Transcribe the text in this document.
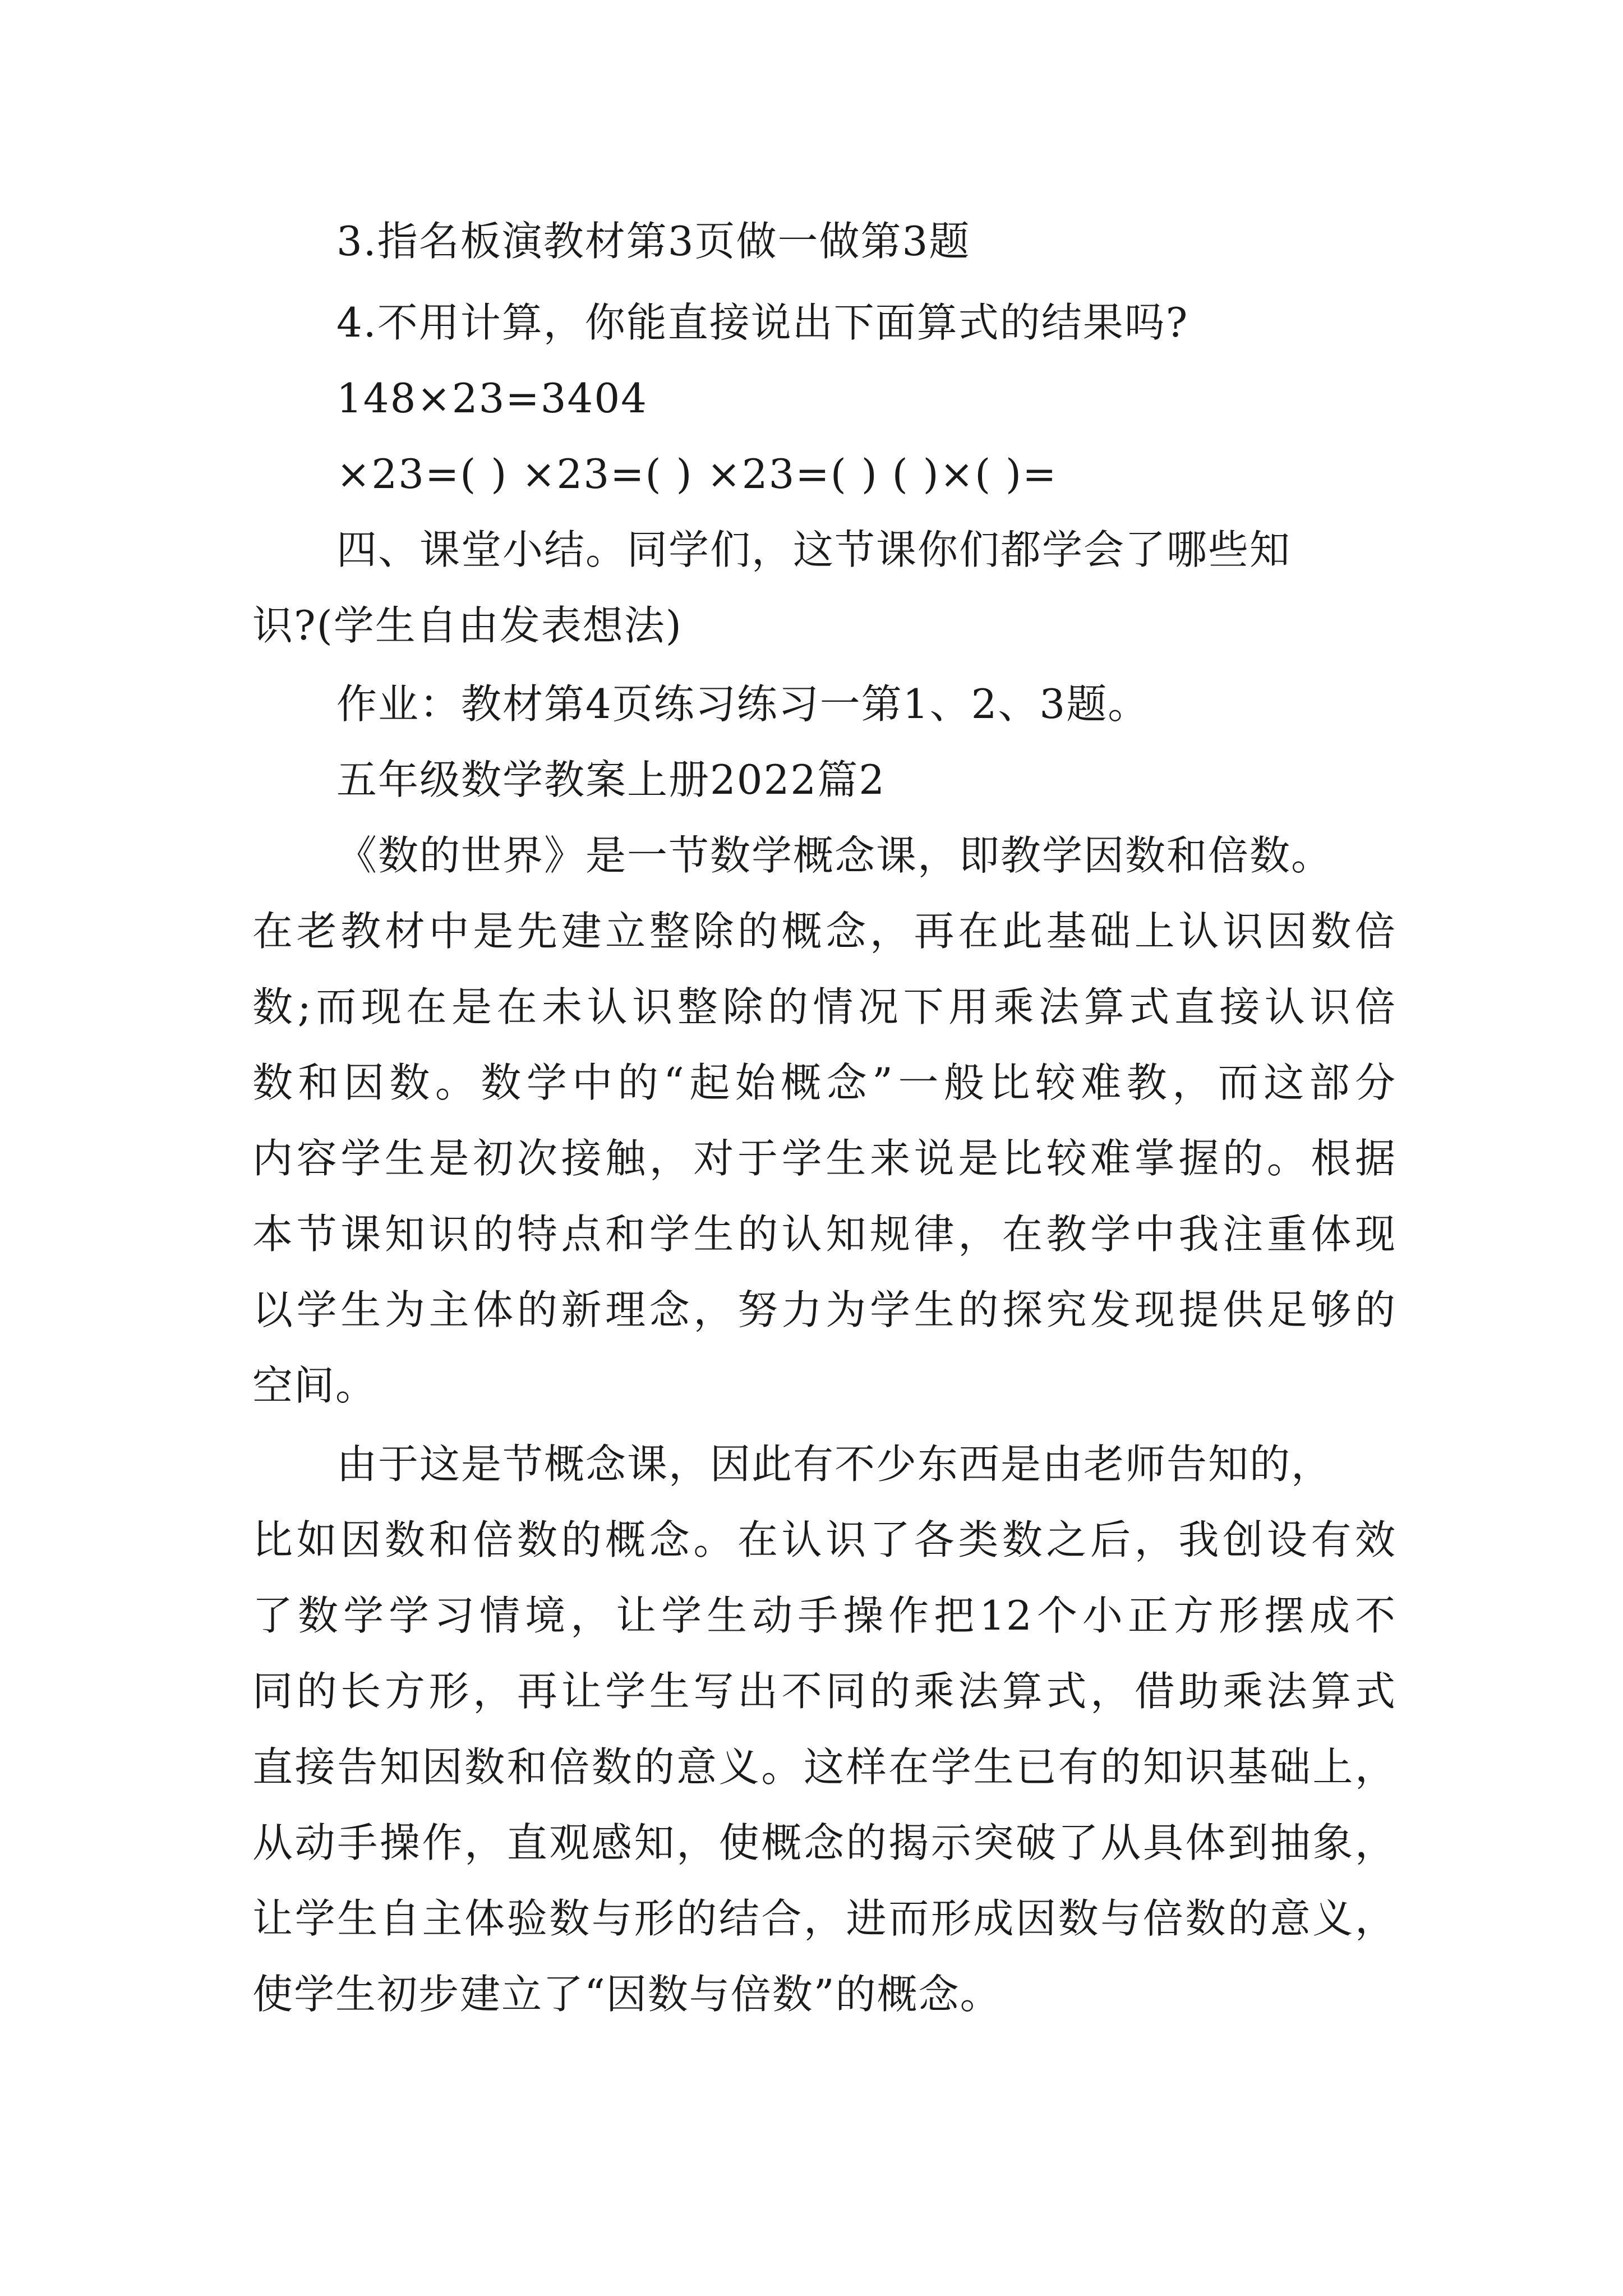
3.指名板演教材第3页做一做第3题
4.不用计算，你能直接说出下面算式的结果吗?
148×23=3404
×23=( ) ×23=( ) ×23=( ) ( )×( )=
四、课堂小结。同学们，这节课你们都学会了哪些知
识?(学生自由发表想法)
作业：教材第4页练习练习一第1、2、3题。
五年级数学教案上册2022篇2
《数的世界》是一节数学概念课，即教学因数和倍数。
在老教材中是先建立整除的概念，再在此基础上认识因数倍
数;而现在是在未认识整除的情况下用乘法算式直接认识倍
数和因数。数学中的“起始概念”一般比较难教，而这部分
内容学生是初次接触，对于学生来说是比较难掌握的。根据
本节课知识的特点和学生的认知规律，在教学中我注重体现
以学生为主体的新理念，努力为学生的探究发现提供足够的
空间。
由于这是节概念课，因此有不少东西是由老师告知的，
比如因数和倍数的概念。在认识了各类数之后，我创设有效
了数学学习情境，让学生动手操作把12个小正方形摆成不
同的长方形，再让学生写出不同的乘法算式，借助乘法算式
直接告知因数和倍数的意义。这样在学生已有的知识基础上，
从动手操作，直观感知，使概念的揭示突破了从具体到抽象，
让学生自主体验数与形的结合，进而形成因数与倍数的意义，
使学生初步建立了“因数与倍数”的概念。
